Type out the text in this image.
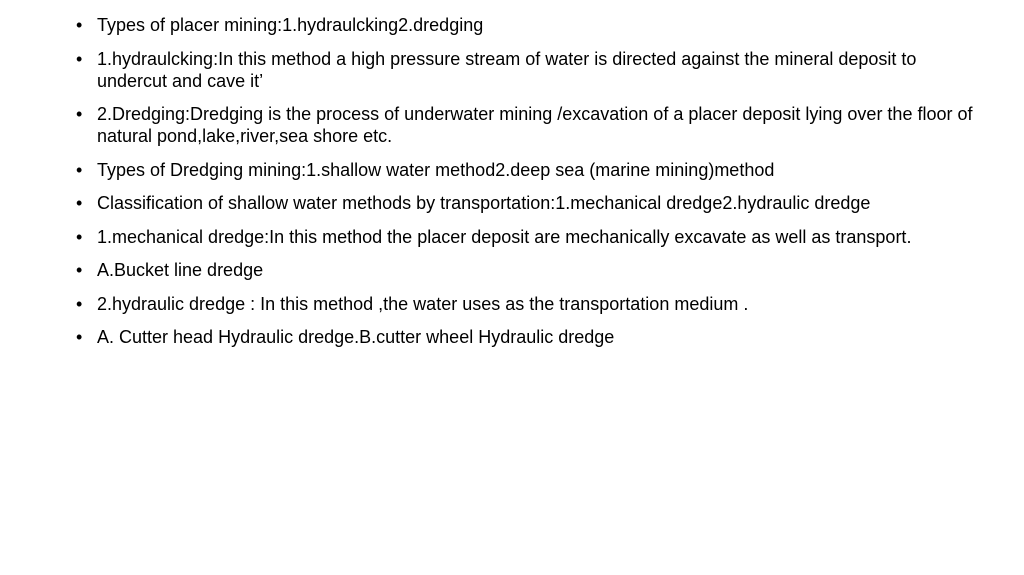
• Types of placer mining:1.hydraulcking2.dredging
• 1.hydraulcking:In this method a high pressure stream of water is directed against the mineral deposit to undercut and cave it’
• 2.Dredging:Dredging is the process of underwater mining /excavation of a placer deposit lying over the floor of natural pond,lake,river,sea shore etc.
• Types of Dredging mining:1.shallow water method2.deep sea (marine mining)method
• Classification of shallow water methods by transportation:1.mechanical dredge2.hydraulic dredge
• 1.mechanical dredge:In this method the placer deposit are mechanically excavate as well as transport.
• A.Bucket line dredge
• 2.hydraulic dredge : In this method ,the water uses as the transportation medium .
• A. Cutter head Hydraulic dredge.B.cutter wheel Hydraulic dredge
